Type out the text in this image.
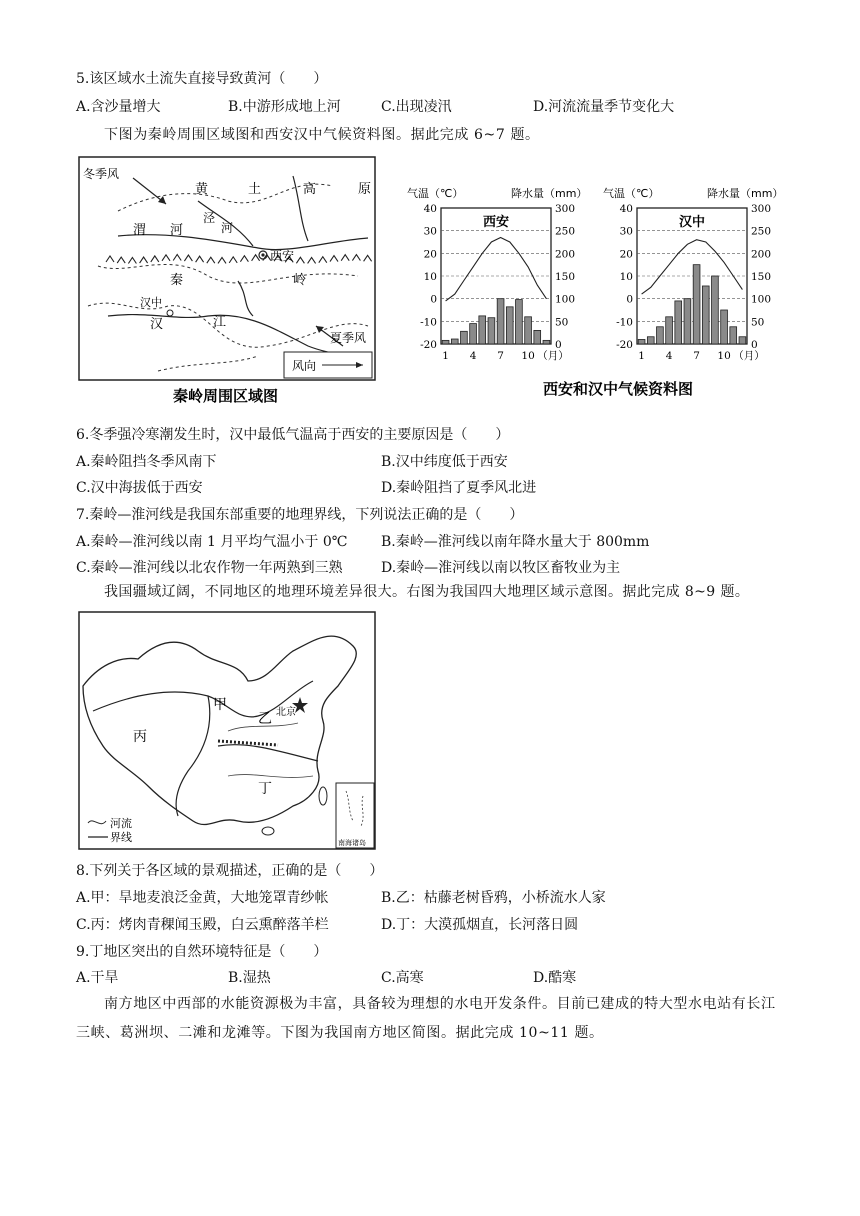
5.该区域水土流失直接导致黄河（　　）
A.含沙量增大	B.中游形成地上河	C.出现凌汛	D.河流流量季节变化大
下图为秦岭周围区域图和西安汉中气候资料图。据此完成 6~7 题。
冬季风
夏季风
黄	土	高	原
泾
河
渭 河
西安
秦	岭
汉中
汉	江
风向
秦岭周围区域图
气温（℃）	降水量（mm）
40
30
20
10
0
-10
-20
300
250
200
150
100
50
0
西安
1 4 7 10 （月）
气温（℃）	降水量（mm）
40
30
20
10
0
-10
-20
300
250
200
150
100
50
0
汉中
1 4 7 10 （月）
西安和汉中气候资料图
6.冬季强冷寒潮发生时，汉中最低气温高于西安的主要原因是（　　）
A.秦岭阻挡冬季风南下	B.汉中纬度低于西安
C.汉中海拔低于西安	D.秦岭阻挡了夏季风北进
7.秦岭—淮河线是我国东部重要的地理界线，下列说法正确的是（　　）
A.秦岭—淮河线以南 1 月平均气温小于 0℃ B.秦岭—淮河线以南年降水量大于 800mm
C.秦岭—淮河线以北农作物一年两熟到三熟	D.秦岭—淮河线以南以牧区畜牧业为主
我国疆域辽阔，不同地区的地理环境差异很大。右图为我国四大地理区域示意图。据此完成 8~9 题。
河流
界线	南海诸岛
甲
乙
丙
丁
北京
8.下列关于各区域的景观描述，正确的是（　　）
A.甲：旱地麦浪泛金黄，大地笼罩青纱帐	B.乙：枯藤老树昏鸦，小桥流水人家
C.丙：烤肉青稞闻玉殿，白云熏醉落羊栏	D.丁：大漠孤烟直，长河落日圆
9.丁地区突出的自然环境特征是（　　）
A.干旱	B.湿热	C.高寒	D.酷寒
南方地区中西部的水能资源极为丰富，具备较为理想的水电开发条件。目前已建成的特大型水电站有长江三峡、葛洲坝、二滩和龙滩等。下图为我国南方地区简图。据此完成 10~11 题。
